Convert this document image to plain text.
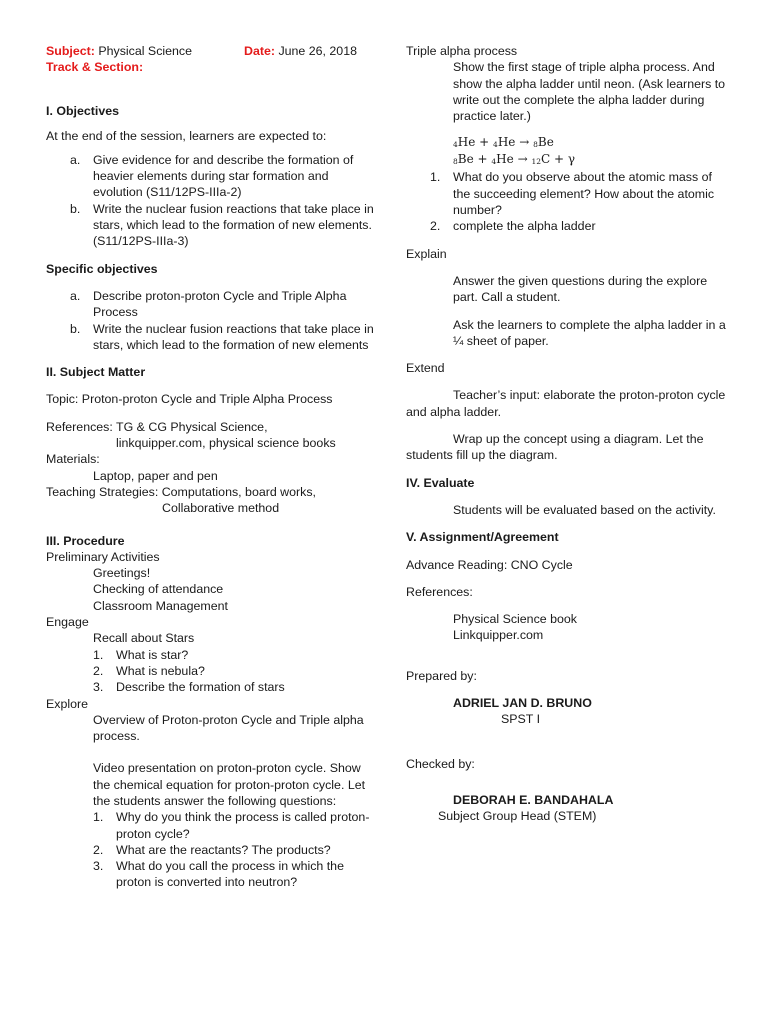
Subject: Physical Science	Date: June 26, 2018

Track & Section:

I. Objectives

At the end of the session, learners are expected to:

a. Give evidence for and describe the formation of heavier elements during star formation and evolution (S11/12PS-IIIa-2)
b. Write the nuclear fusion reactions that take place in stars, which lead to the formation of new elements. (S11/12PS-IIIa-3)

Specific objectives

a. Describe proton-proton Cycle and Triple Alpha Process
b. Write the nuclear fusion reactions that take place in stars, which lead to the formation of new elements

II. Subject Matter

Topic: Proton-proton Cycle and Triple Alpha Process

References: TG & CG Physical Science,

linkquipper.com, physical science books

Materials:

Laptop, paper and pen

Teaching Strategies: Computations, board works,

Collaborative method

III. Procedure

Preliminary Activities

Greetings!

Checking of attendance

Classroom Management

Engage

Recall about Stars

1. What is star?
2. What is nebula?
3. Describe the formation of stars

Explore

Overview of Proton-proton Cycle and Triple alpha process.

Video presentation on proton-proton cycle. Show the chemical equation for proton-proton cycle. Let the students answer the following questions:

1. Why do you think the process is called proton-proton cycle?
2. What are the reactants? The products?
3. What do you call the process in which the proton is converted into neutron?

Triple alpha process

Show the first stage of triple alpha process. And show the alpha ladder until neon. (Ask learners to write out the complete the alpha ladder during practice later.)

$_4$He + $_4$He → $_8$Be
$_8$Be + $_4$He → $_{12}$C + γ
1. What do you observe about the atomic mass of the succeeding element? How about the atomic number?
2. complete the alpha ladder

Explain

Answer the given questions during the explore part. Call a student.

Ask the learners to complete the alpha ladder in a ¼ sheet of paper.

Extend

Teacher’s input: elaborate the proton-proton cycle and alpha ladder.

Wrap up the concept using a diagram. Let the students fill up the diagram.

IV. Evaluate

Students will be evaluated based on the activity.

V. Assignment/Agreement

Advance Reading: CNO Cycle

References:

Physical Science book

Linkquipper.com

Prepared by:

ADRIEL JAN D. BRUNO

SPST I

Checked by:

DEBORAH E. BANDAHALA

Subject Group Head (STEM)
